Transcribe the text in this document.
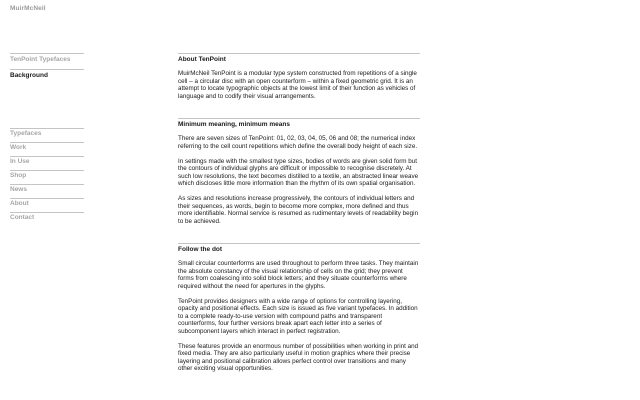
MuirMcNeil
TenPoint Typefaces
Background
Typefaces
Work
In Use
Shop
News
About
Contact
About TenPoint

MuirMcNeil TenPoint is a modular type system constructed from repetitions of a single cell – a circular disc with an open counterform – within a fixed geometric grid. It is an attempt to locate typographic objects at the lowest limit of their function as vehicles of language and to codify their visual arrangements.

Minimum meaning, minimum means

There are seven sizes of TenPoint: 01, 02, 03, 04, 05, 06 and 08; the numerical index referring to the cell count repetitions which define the overall body height of each size.

In settings made with the smallest type sizes, bodies of words are given solid form but the contours of individual glyphs are difficult or impossible to recognise discretely. At such low resolutions, the text becomes distilled to a textile, an abstracted linear weave which discloses little more information than the rhythm of its own spatial organisation.

As sizes and resolutions increase progressively, the contours of individual letters and their sequences, as words, begin to become more complex, more defined and thus more identifiable. Normal service is resumed as rudimentary levels of readability begin to be achieved.

Follow the dot

Small circular counterforms are used throughout to perform three tasks. They maintain the absolute constancy of the visual relationship of cells on the grid; they prevent forms from coalescing into solid block letters; and they situate counterforms where required without the need for apertures in the glyphs.

TenPoint provides designers with a wide range of options for controlling layering, opacity and positional effects. Each size is issued as five variant typefaces. In addition to a complete ready-to-use version with compound paths and transparent counterforms, four further versions break apart each letter into a series of subcomponent layers which interact in perfect registration.

These features provide an enormous number of possibilities when working in print and fixed media. They are also particularly useful in motion graphics where their precise layering and positional calibration allows perfect control over transitions and many other exciting visual opportunities.
